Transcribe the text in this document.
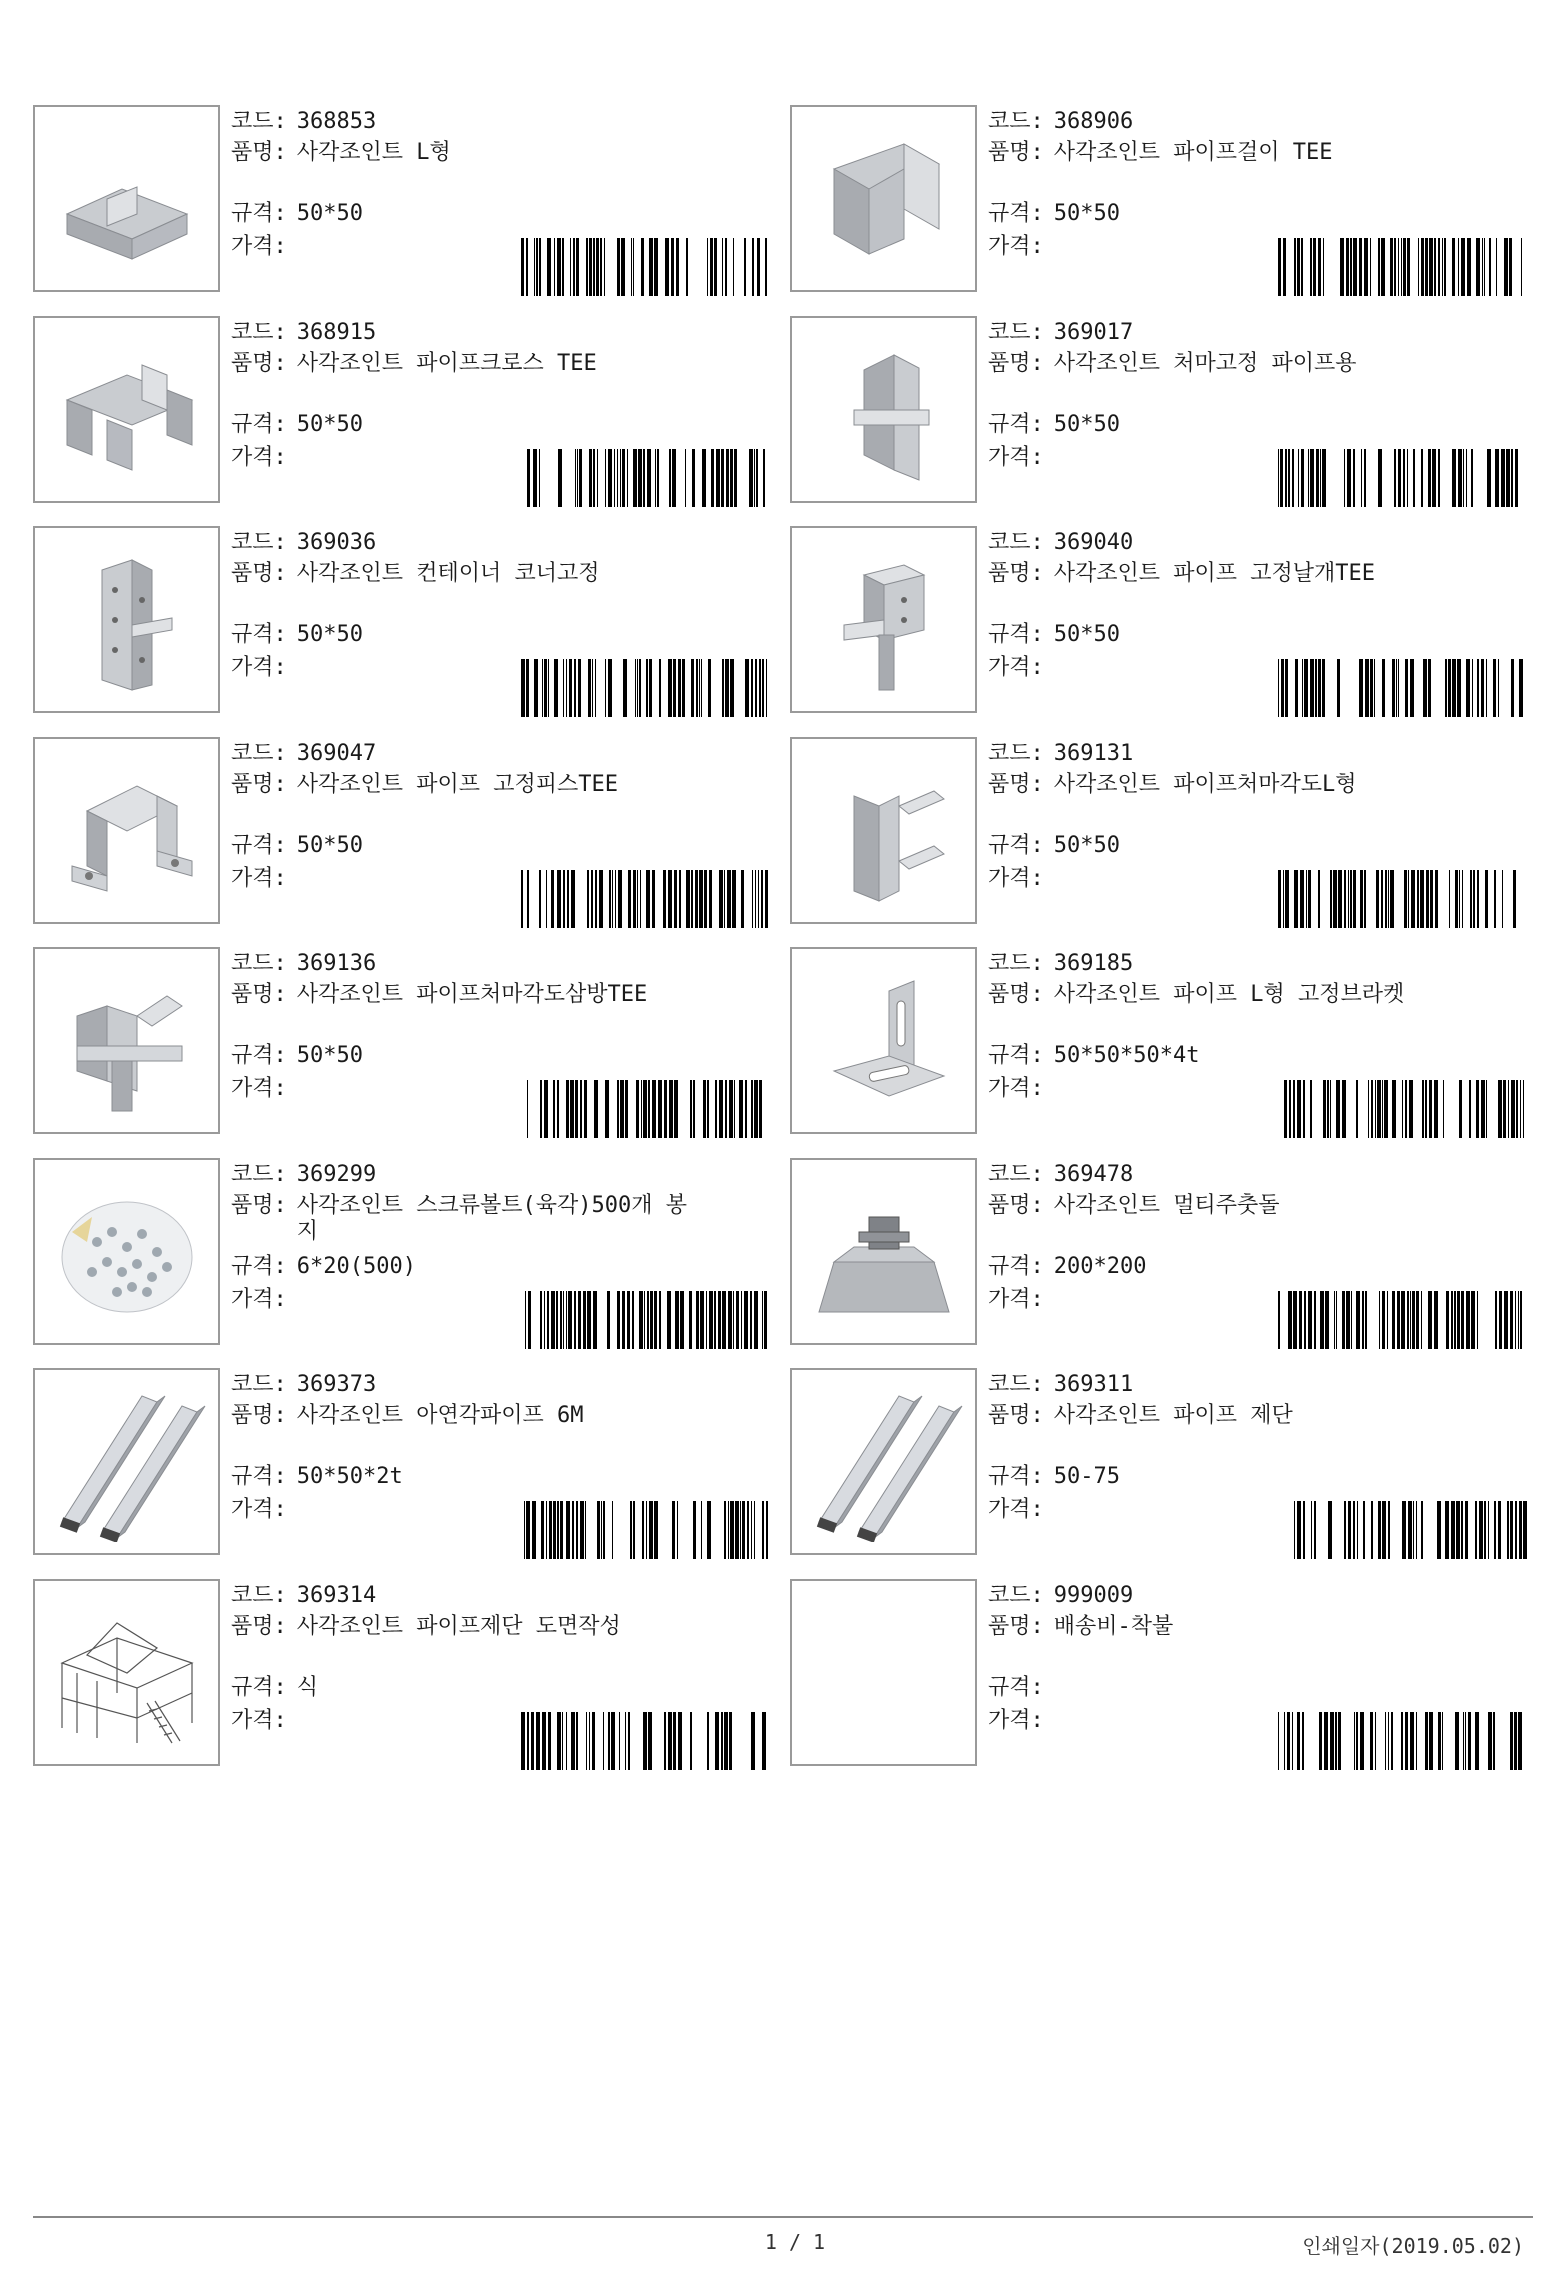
코드: 368853
품명: 사각조인트 L형
규격: 50*50
가격:
코드: 368906
품명: 사각조인트 파이프걸이 TEE
규격: 50*50
가격:
코드: 368915
품명: 사각조인트 파이프크로스 TEE
규격: 50*50
가격:
코드: 369017
품명: 사각조인트 처마고정 파이프용
규격: 50*50
가격:
코드: 369036
품명: 사각조인트 컨테이너 코너고정
규격: 50*50
가격:
코드: 369040
품명: 사각조인트 파이프 고정날개TEE
규격: 50*50
가격:
코드: 369047
품명: 사각조인트 파이프 고정피스TEE
규격: 50*50
가격:
코드: 369131
품명: 사각조인트 파이프처마각도L형
규격: 50*50
가격:
코드: 369136
품명: 사각조인트 파이프처마각도삼방TEE
규격: 50*50
가격:
코드: 369185
품명: 사각조인트 파이프 L형 고정브라켓
규격: 50*50*50*4t
가격:
코드: 369299
품명: 사각조인트 스크류볼트(육각)500개 봉
지
규격: 6*20(500)
가격:
코드: 369478
품명: 사각조인트 멀티주춧돌
규격: 200*200
가격:
코드: 369373
품명: 사각조인트 아연각파이프 6M
규격: 50*50*2t
가격:
코드: 369311
품명: 사각조인트 파이프 제단
규격: 50-75
가격:
코드: 369314
품명: 사각조인트 파이프제단 도면작성
규격: 식
가격:
코드: 999009
품명: 배송비-착불
규격:
가격:
1 / 1	인쇄일자(2019.05.02)
